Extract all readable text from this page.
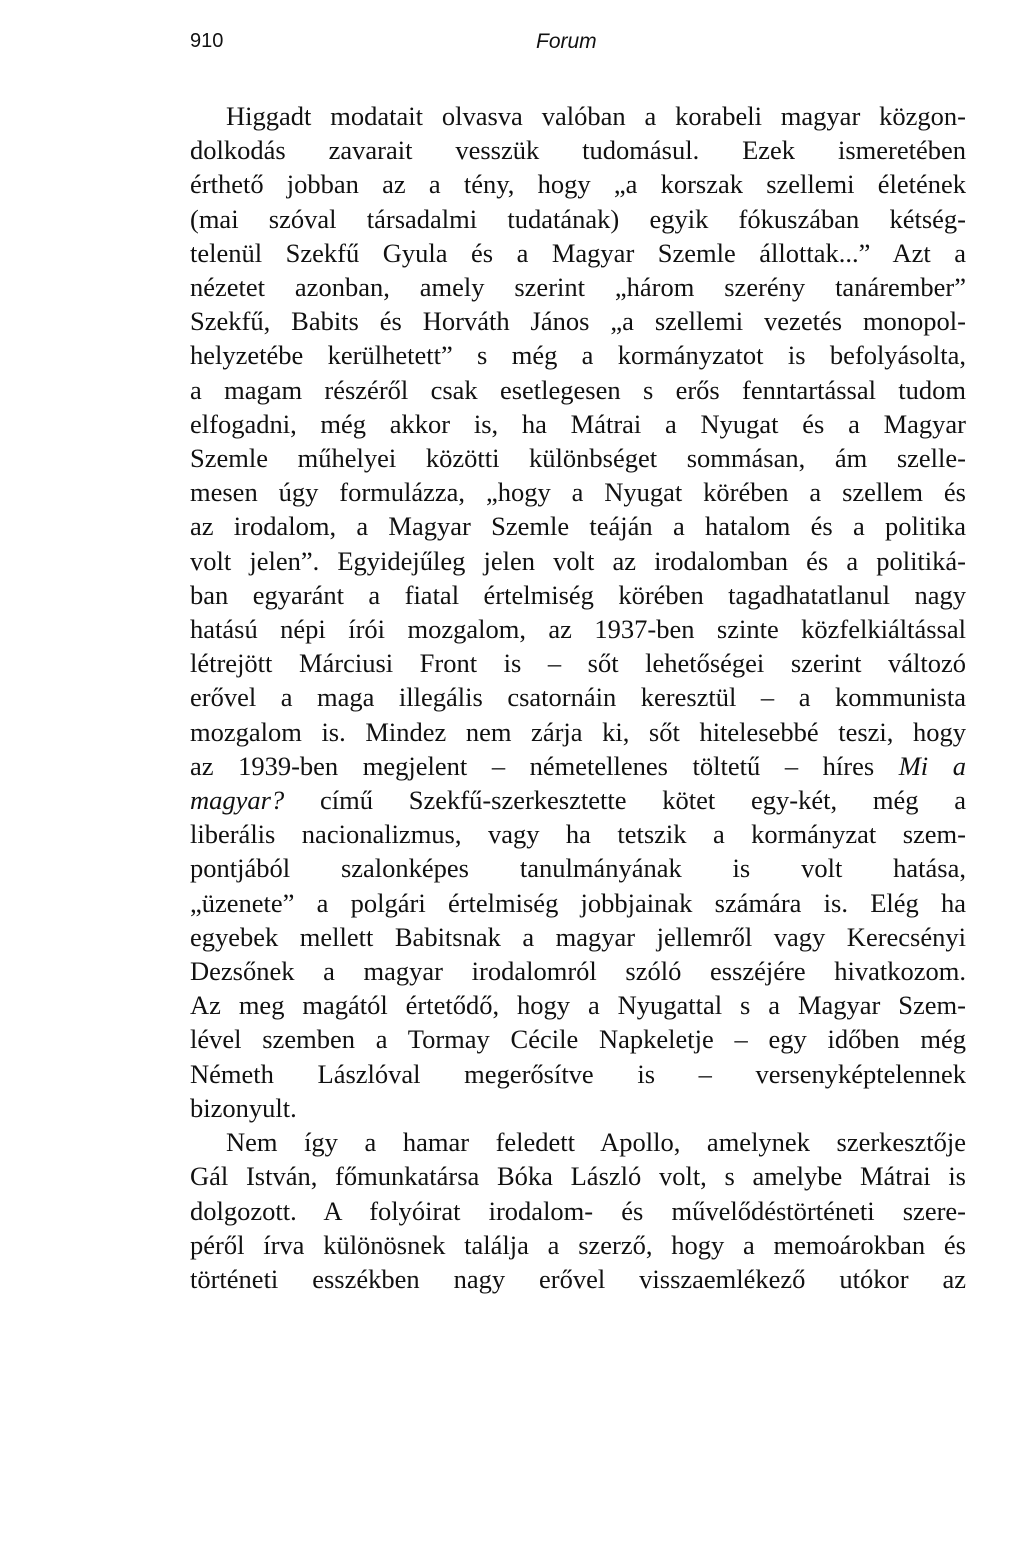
910	Forum
Higgadt modatait olvasva valóban a korabeli magyar közgon-
dolkodás zavarait vesszük tudomásul. Ezek ismeretében
érthető jobban az a tény, hogy „a korszak szellemi életének
(mai szóval társadalmi tudatának) egyik fókuszában kétség-
telenül Szekfű Gyula és a Magyar Szemle állottak...” Azt a
nézetet azonban, amely szerint „három szerény tanárember”
Szekfű, Babits és Horváth János „a szellemi vezetés monopol-
helyzetébe kerülhetett” s még a kormányzatot is befolyásolta,
a magam részéről csak esetlegesen s erős fenntartással tudom
elfogadni, még akkor is, ha Mátrai a Nyugat és a Magyar
Szemle műhelyei közötti különbséget sommásan, ám szelle-
mesen úgy formulázza, „hogy a Nyugat körében a szellem és
az irodalom, a Magyar Szemle teáján a hatalom és a politika
volt jelen”. Egyidejűleg jelen volt az irodalomban és a politiká-
ban egyaránt a fiatal értelmiség körében tagadhatatlanul nagy
hatású népi írói mozgalom, az 1937-ben szinte közfelkiáltással
létrejött Márciusi Front is – sőt lehetőségei szerint változó
erővel a maga illegális csatornáin keresztül – a kommunista
mozgalom is. Mindez nem zárja ki, sőt hitelesebbé teszi, hogy
az 1939-ben megjelent – németellenes töltetű – híres Mi a
magyar? című Szekfű-szerkesztette kötet egy-két, még a
liberális nacionalizmus, vagy ha tetszik a kormányzat szem-
pontjából szalonképes tanulmányának is volt hatása,
„üzenete” a polgári értelmiség jobbjainak számára is. Elég ha
egyebek mellett Babitsnak a magyar jellemről vagy Kerecsényi
Dezsőnek a magyar irodalomról szóló esszéjére hivatkozom.
Az meg magától értetődő, hogy a Nyugattal s a Magyar Szem-
lével szemben a Tormay Cécile Napkeletje – egy időben még
Németh Lászlóval megerősítve is – versenyképtelennek
bizonyult.
Nem így a hamar feledett Apollo, amelynek szerkesztője
Gál István, főmunkatársa Bóka László volt, s amelybe Mátrai is
dolgozott. A folyóirat irodalom- és művelődéstörténeti szere-
péről írva különösnek találja a szerző, hogy a memoárokban és
történeti esszékben nagy erővel visszaemlékező utókor az
